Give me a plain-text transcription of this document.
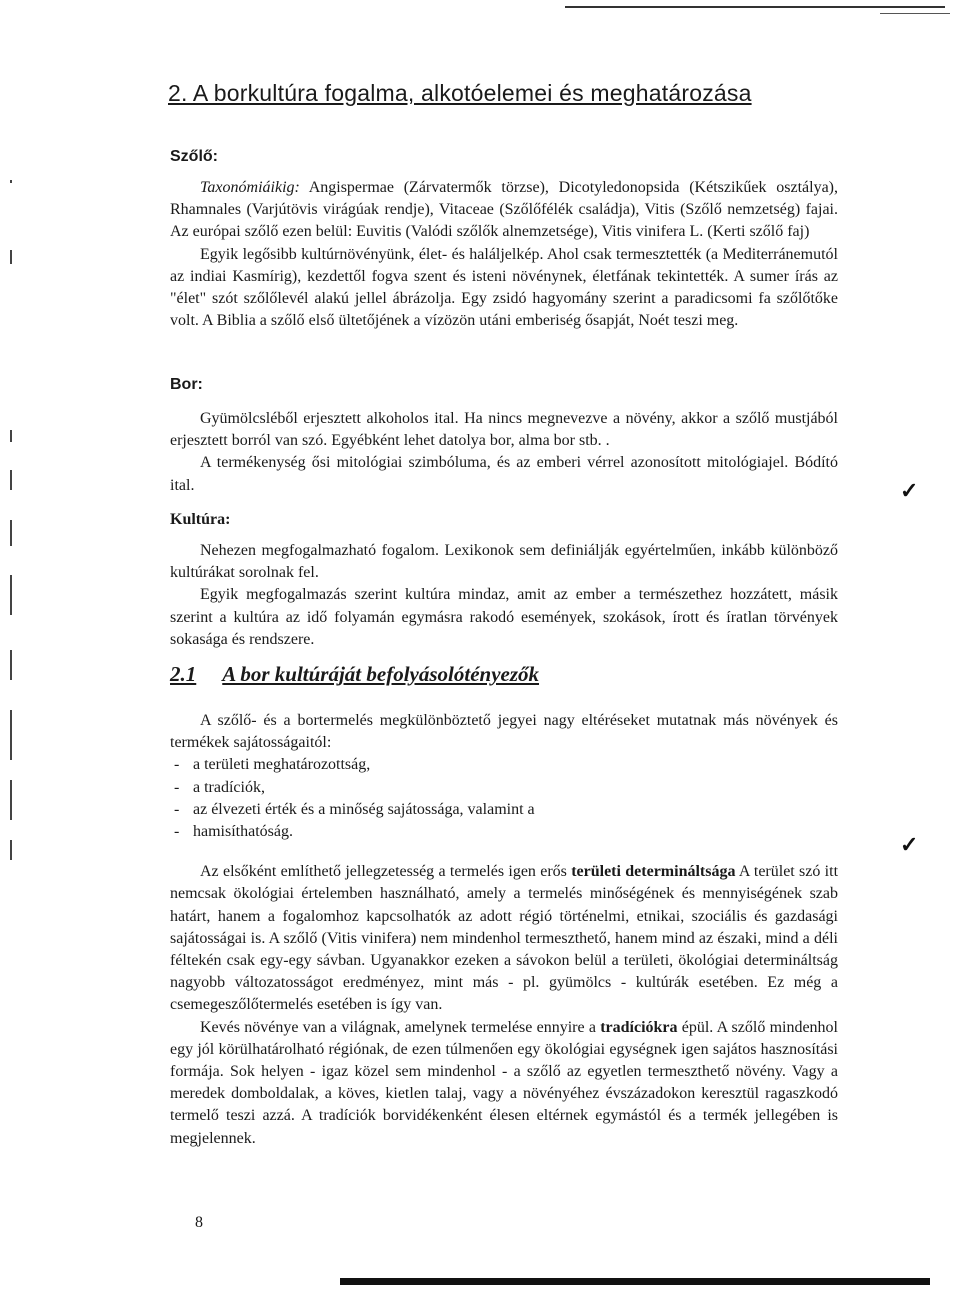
2. A borkultúra fogalma, alkotóelemei és meghatározása
Szőlő:

Taxonómiáikig: Angispermae (Zárvatermők törzse), Dicotyledonopsida (Kétszikűek osztálya), Rhamnales (Varjútövis virágúak rendje), Vitaceae (Szőlőfélék családja), Vitis (Szőlő nemzetség) fajai. Az európai szőlő ezen belül: Euvitis (Valódi szőlők alnemzetsége), Vitis vinifera L. (Kerti szőlő faj)

Egyik legősibb kultúrnövényünk, élet- és haláljelkép. Ahol csak termesztették (a Mediterránemutól az indiai Kasmírig), kezdettől fogva szent és isteni növénynek, életfának tekintették. A sumer írás az "élet" szót szőlőlevél alakú jellel ábrázolja. Egy zsidó hagyomány szerint a paradicsomi fa szőlőtőke volt. A Biblia a szőlő első ültetőjének a vízözön utáni emberiség ősapját, Noét teszi meg.

Bor:

Gyümölcsléből erjesztett alkoholos ital. Ha nincs megnevezve a növény, akkor a szőlő mustjából erjesztett borról van szó. Egyébként lehet datolya bor, alma bor stb. .

A termékenység ősi mitológiai szimbóluma, és az emberi vérrel azonosított mitológiajel. Bódító ital.

Kultúra:

Nehezen megfogalmazható fogalom. Lexikonok sem definiálják egyértelműen, inkább különböző kultúrákat sorolnak fel.

Egyik megfogalmazás szerint kultúra mindaz, amit az ember a természethez hozzátett, másik szerint a kultúra az idő folyamán egymásra rakodó események, szokások, írott és íratlan törvények sokasága és rendszere.

2.1 A bor kultúráját befolyásolótényezők

A szőlő- és a bortermelés megkülönböztető jegyei nagy eltéréseket mutatnak más növények és termékek sajátosságaitól:

- a területi meghatározottság,
- a tradíciók,
- az élvezeti érték és a minőség sajátossága, valamint a
- hamisíthatóság.

Az elsőként említhető jellegzetesség a termelés igen erős területi determináltsága A terület szó itt nemcsak ökológiai értelemben használható, amely a termelés minőségének és mennyiségének szab határt, hanem a fogalomhoz kapcsolhatók az adott régió történelmi, etnikai, szociális és gazdasági sajátosságai is. A szőlő (Vitis vinifera) nem mindenhol termeszthető, hanem mind az északi, mind a déli féltekén csak egy-egy sávban. Ugyanakkor ezeken a sávokon belül a területi, ökológiai determináltság nagyobb változatosságot eredményez, mint más - pl. gyümölcs - kultúrák esetében. Ez még a csemegeszőlőtermelés esetében is így van.

Kevés növénye van a világnak, amelynek termelése ennyire a tradíciókra épül. A szőlő mindenhol egy jól körülhatárolható régiónak, de ezen túlmenően egy ökológiai egységnek igen sajátos hasznosítási formája. Sok helyen - igaz közel sem mindenhol - a szőlő az egyetlen termeszthető növény. Vagy a meredek domboldalak, a köves, kietlen talaj, vagy a növényéhez évszázadokon keresztül ragaszkodó termelő teszi azzá. A tradíciók borvidékenként élesen eltérnek egymástól és a termék jellegében is megjelennek.

✓
✓
8
